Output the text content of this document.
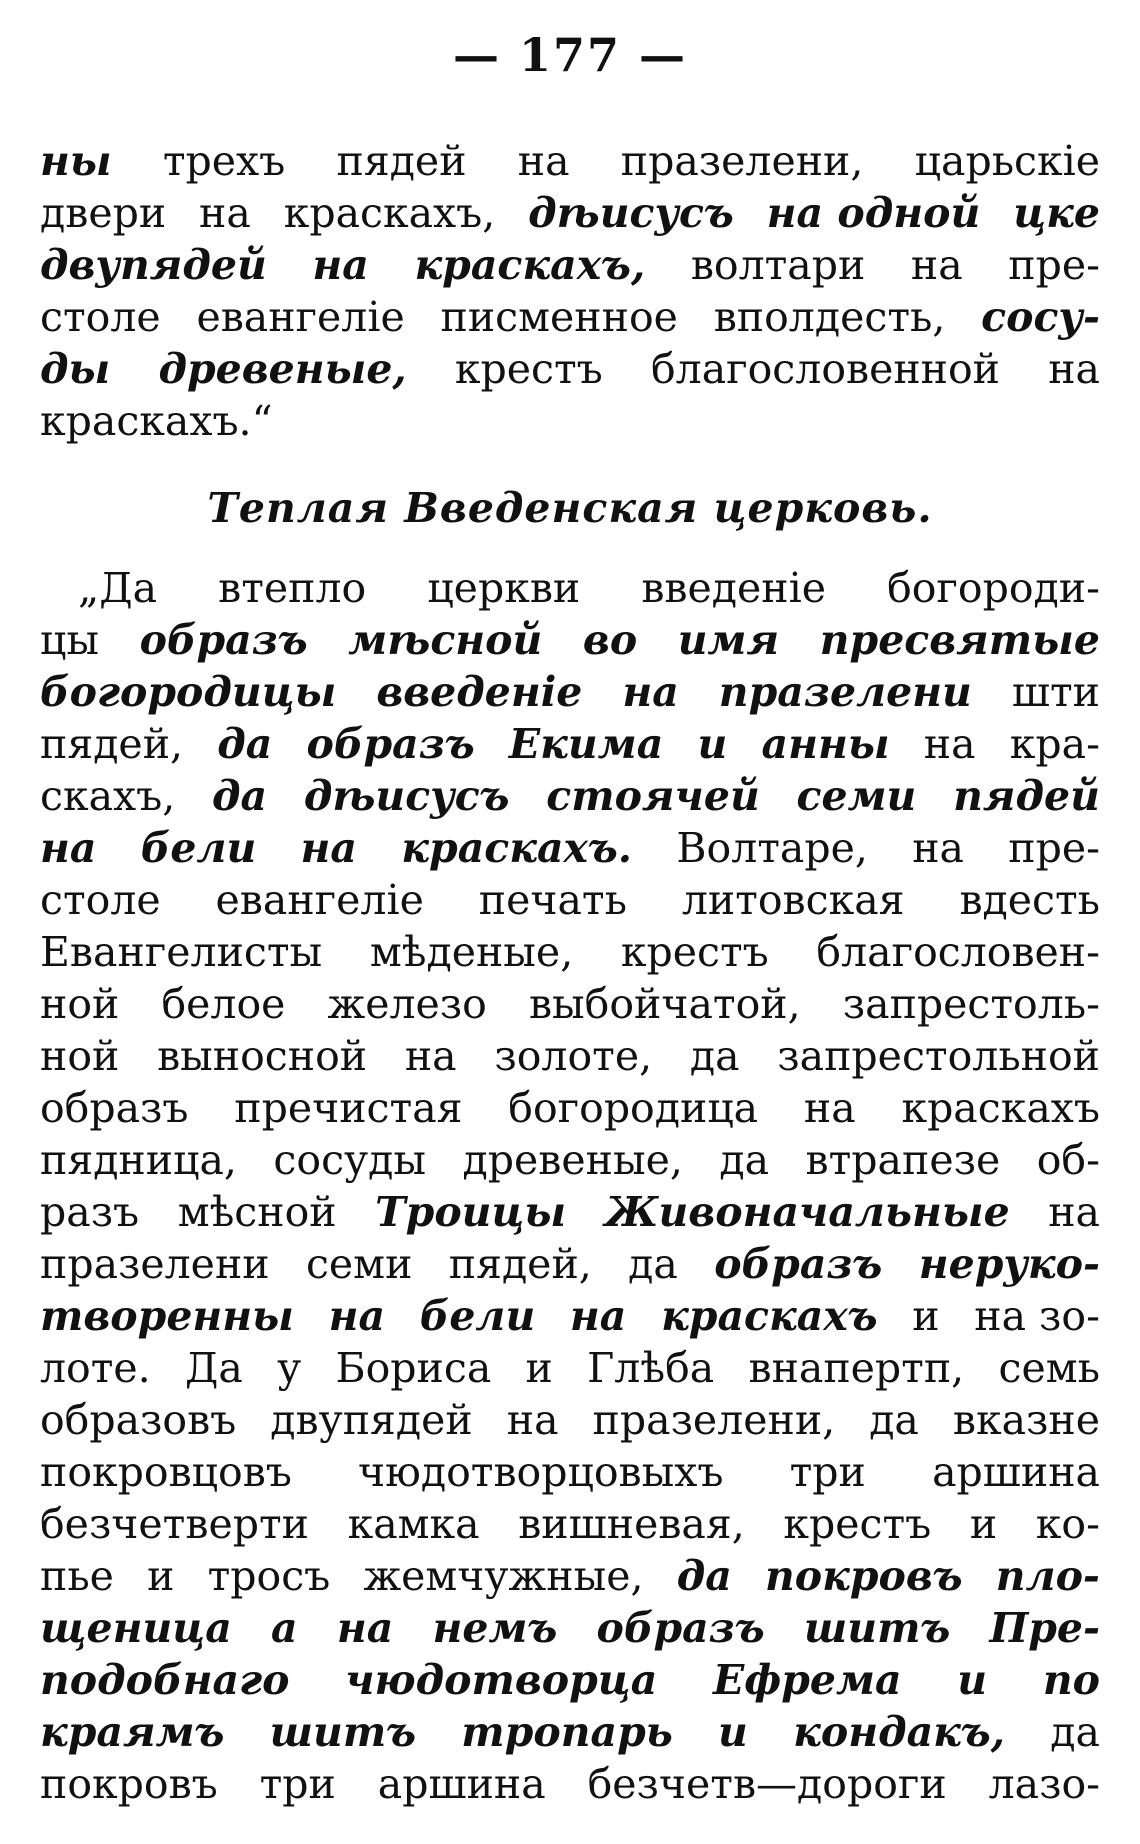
— 177 —
ны трехъ пядей на празелени, царьскіе
двери на краскахъ, дѣисусъ на одной цке
двупядей на краскахъ, волтари на пре-
столе евангеліе писменное вполдесть, сосу-
ды древеные, крестъ благословенной на
краскахъ.“
Теплая Введенская церковь.
„Да втепло церкви введеніе богороди-
цы образъ мѣсной во имя пресвятые
богородицы введеніе на празелени шти
пядей, да образъ Екима и анны на кра-
скахъ, да дѣисусъ стоячей семи пядей
на бели на краскахъ. Волтаре, на пре-
столе евангеліе печать литовская вдесть
Евангелисты мѣденые, крестъ благословен-
ной белое железо выбойчатой, запрестоль-
ной выносной на золоте, да запрестольной
образъ пречистая богородица на краскахъ
пядница, сосуды древеные, да втрапезе об-
разъ мѣсной Троицы Живоначальные на
празелени семи пядей, да образъ нерукo-
творенны на бели на краскахъ и на зо-
лоте. Да у Бориса и Глѣба внапертп, семь
образовъ двупядей на празелени, да вказне
покровцовъ чюдотворцовыхъ три аршина
безчетверти камка вишневая, крестъ и ко-
пье и тросъ жемчужные, да покровъ пло-
щеница а на немъ образъ шитъ Пре-
подобнаго чюдотворца Ефрема и по
краямъ шитъ тропарь и кондакъ, да
покровъ три аршина безчетв—дороги лазо-
